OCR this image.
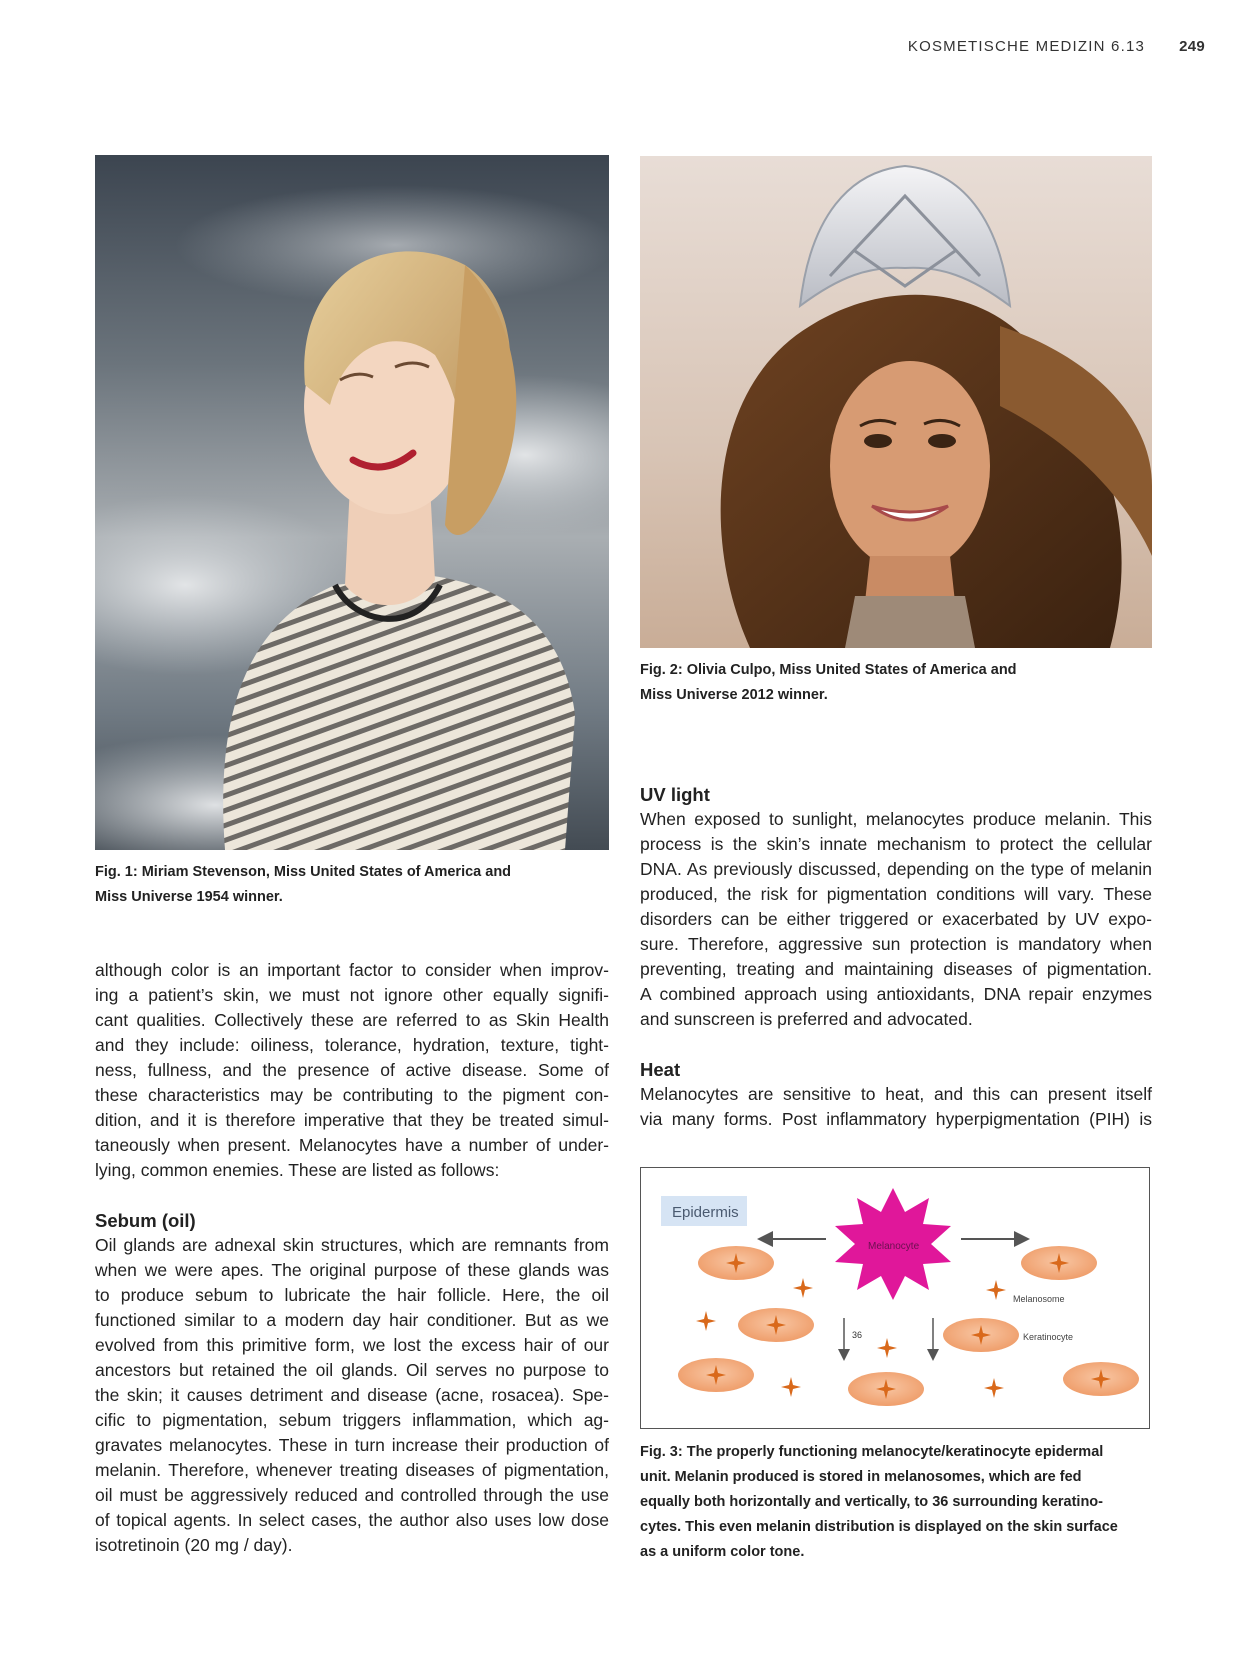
KOSMETISCHE MEDIZIN 6.13 249
Fig. 1: Miriam Stevenson, Miss United States of America and
Miss Universe 1954 winner.
Fig. 2: Olivia Culpo, Miss United States of America and
Miss Universe 2012 winner.
although color is an important factor to consider when improv-
ing a patient’s skin, we must not ignore other equally signifi-
cant qualities. Collectively these are referred to as Skin Health
and they include: oiliness, tolerance, hydration, texture, tight-
ness, fullness, and the presence of active disease. Some of
these characteristics may be contributing to the pigment con-
dition, and it is therefore imperative that they be treated simul-
taneously when present. Melanocytes have a number of under-
lying, common enemies. These are listed as follows:
Sebum (oil)
Oil glands are adnexal skin structures, which are remnants from
when we were apes. The original purpose of these glands was
to produce sebum to lubricate the hair follicle. Here, the oil
functioned similar to a modern day hair conditioner. But as we
evolved from this primitive form, we lost the excess hair of our
ancestors but retained the oil glands. Oil serves no purpose to
the skin; it causes detriment and disease (acne, rosacea). Spe-
cific to pigmentation, sebum triggers inflammation, which ag-
gravates melanocytes. These in turn increase their production of
melanin. Therefore, whenever treating diseases of pigmentation,
oil must be aggressively reduced and controlled through the use
of topical agents. In select cases, the author also uses low dose
isotretinoin (20 mg / day).
UV light
When exposed to sunlight, melanocytes produce melanin. This
process is the skin’s innate mechanism to protect the cellular
DNA. As previously discussed, depending on the type of melanin
produced, the risk for pigmentation conditions will vary. These
disorders can be either triggered or exacerbated by UV expo-
sure. Therefore, aggressive sun protection is mandatory when
preventing, treating and maintaining diseases of pigmentation.
A combined approach using antioxidants, DNA repair enzymes
and sunscreen is preferred and advocated.
Heat
Melanocytes are sensitive to heat, and this can present itself
via many forms. Post inflammatory hyperpigmentation (PIH) is
Epidermis
Melanocyte
36
Melanosome
Keratinocyte
Fig. 3: The properly functioning melanocyte/keratinocyte epidermal
unit. Melanin produced is stored in melanosomes, which are fed
equally both horizontally and vertically, to 36 surrounding keratino-
cytes. This even melanin distribution is displayed on the skin surface
as a uniform color tone.
